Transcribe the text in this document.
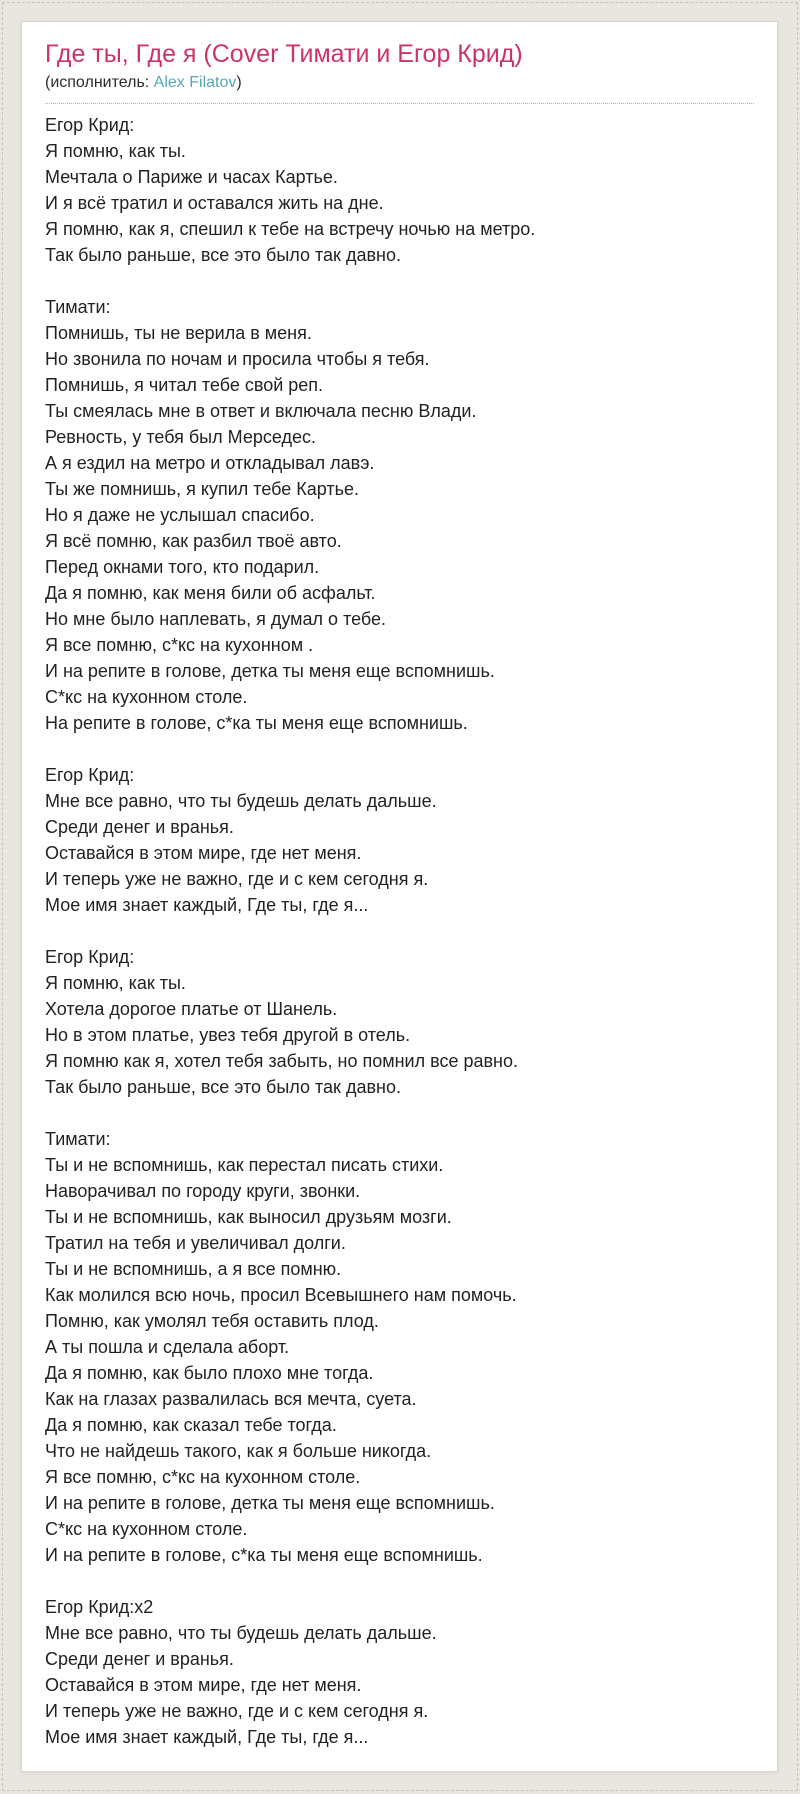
Где ты, Где я (Cover Тимати и Егор Крид)
(исполнитель: Alex Filatov)
Егор Крид:
Я помню, как ты.
Мечтала о Париже и часах Картье.
И я всё тратил и оставался жить на дне.
Я помню, как я, спешил к тебе на встречу ночью на метро.
Так было раньше, все это было так давно.
Тимати:
Помнишь, ты не верила в меня.
Но звонила по ночам и просила чтобы я тебя.
Помнишь, я читал тебе свой реп.
Ты смеялась мне в ответ и включала песню Влади.
Ревность, у тебя был Мерседес.
А я ездил на метро и откладывал лавэ.
Ты же помнишь, я купил тебе Картье.
Но я даже не услышал спасибо.
Я всё помню, как разбил твоё авто.
Перед окнами того, кто подарил.
Да я помню, как меня били об асфальт.
Но мне было наплевать, я думал о тебе.
Я все помню, с*кс на кухонном .
И на репите в голове, детка ты меня еще вспомнишь.
С*кс на кухонном столе.
На репите в голове, с*ка ты меня еще вспомнишь.
Егор Крид:
Мне все равно, что ты будешь делать дальше.
Среди денег и вранья.
Оставайся в этом мире, где нет меня.
И теперь уже не важно, где и с кем сегодня я.
Мое имя знает каждый, Где ты, где я...
Егор Крид:
Я помню, как ты.
Хотела дорогое платье от Шанель.
Но в этом платье, увез тебя другой в отель.
Я помню как я, хотел тебя забыть, но помнил все равно.
Так было раньше, все это было так давно.
Тимати:
Ты и не вспомнишь, как перестал писать стихи.
Наворачивал по городу круги, звонки.
Ты и не вспомнишь, как выносил друзьям мозги.
Тратил на тебя и увеличивал долги.
Ты и не вспомнишь, а я все помню.
Как молился всю ночь, просил Всевышнего нам помочь.
Помню, как умолял тебя оставить плод.
А ты пошла и сделала аборт.
Да я помню, как было плохо мне тогда.
Как на глазах развалилась вся мечта, суета.
Да я помню, как сказал тебе тогда.
Что не найдешь такого, как я больше никогда.
Я все помню, с*кс на кухонном столе.
И на репите в голове, детка ты меня еще вспомнишь.
С*кс на кухонном столе.
И на репите в голове, с*ка ты меня еще вспомнишь.
Егор Крид:x2
Мне все равно, что ты будешь делать дальше.
Среди денег и вранья.
Оставайся в этом мире, где нет меня.
И теперь уже не важно, где и с кем сегодня я.
Мое имя знает каждый, Где ты, где я...
